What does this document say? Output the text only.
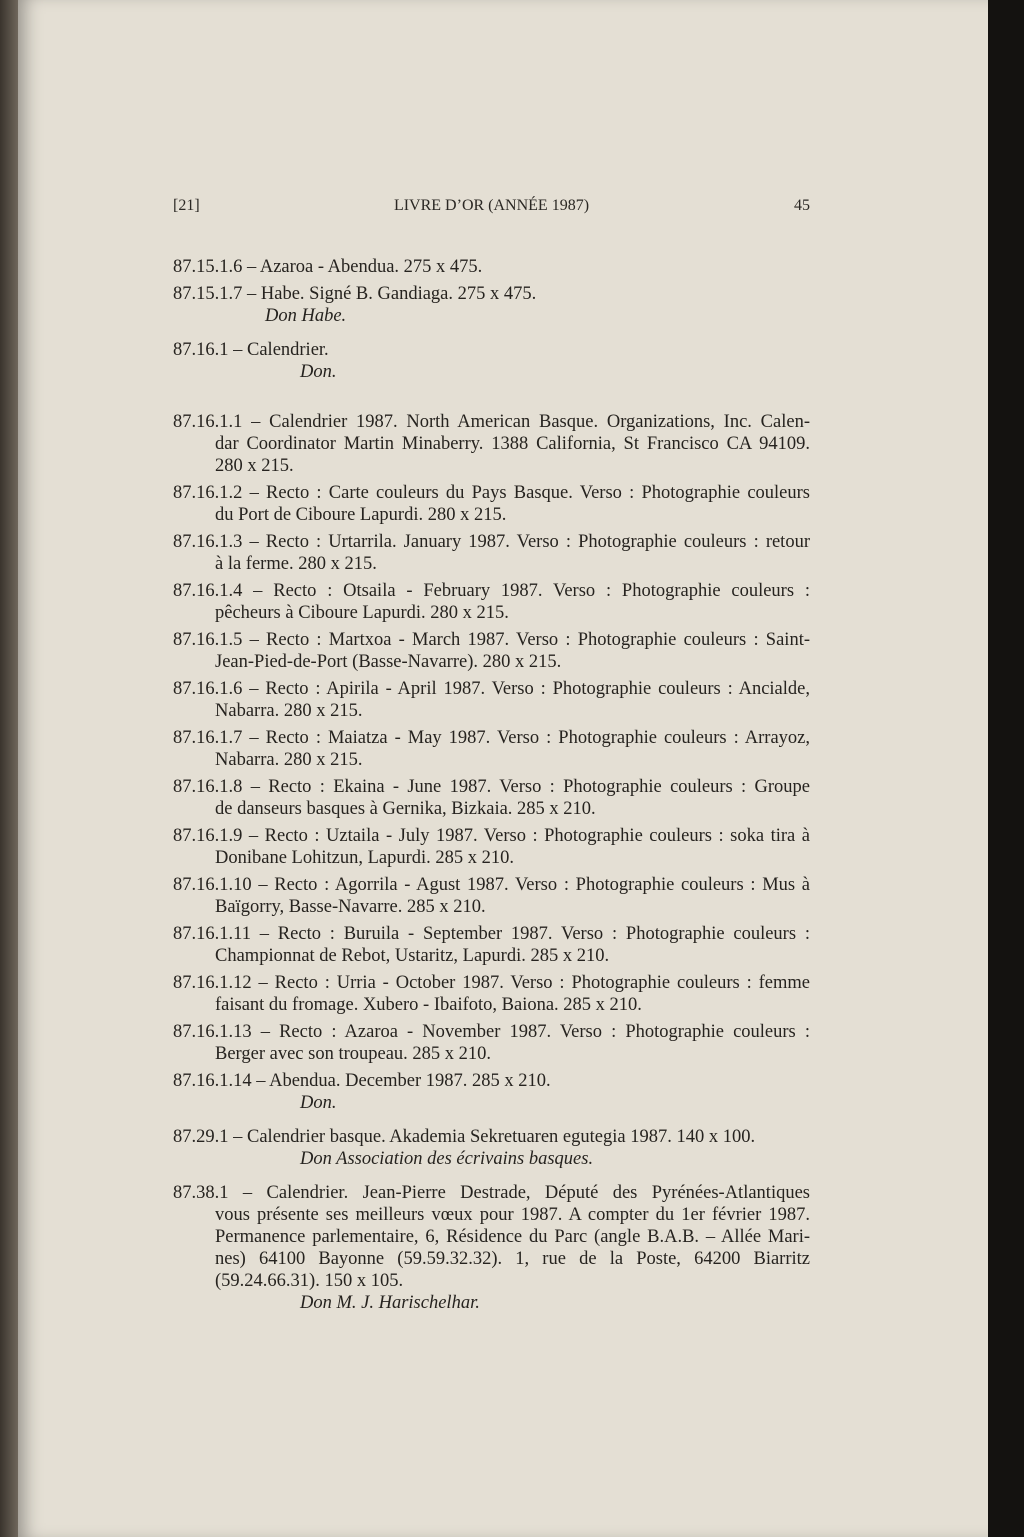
[21]	LIVRE D’OR (ANNÉE 1987)	45
87.15.1.6 – Azaroa - Abendua. 275 x 475.
87.15.1.7 – Habe. Signé B. Gandiaga. 275 x 475.
Don Habe.
87.16.1 – Calendrier.
Don.
87.16.1.1 – Calendrier 1987. North American Basque. Organizations, Inc. Calen-
dar Coordinator Martin Minaberry. 1388 California, St Francisco CA 94109.
280 x 215.
87.16.1.2 – Recto : Carte couleurs du Pays Basque. Verso : Photographie couleurs
du Port de Ciboure Lapurdi. 280 x 215.
87.16.1.3 – Recto : Urtarrila. January 1987. Verso : Photographie couleurs : retour
à la ferme. 280 x 215.
87.16.1.4 – Recto : Otsaila - February 1987. Verso : Photographie couleurs :
pêcheurs à Ciboure Lapurdi. 280 x 215.
87.16.1.5 – Recto : Martxoa - March 1987. Verso : Photographie couleurs : Saint-
Jean-Pied-de-Port (Basse-Navarre). 280 x 215.
87.16.1.6 – Recto : Apirila - April 1987. Verso : Photographie couleurs : Ancialde,
Nabarra. 280 x 215.
87.16.1.7 – Recto : Maiatza - May 1987. Verso : Photographie couleurs : Arrayoz,
Nabarra. 280 x 215.
87.16.1.8 – Recto : Ekaina - June 1987. Verso : Photographie couleurs : Groupe
de danseurs basques à Gernika, Bizkaia. 285 x 210.
87.16.1.9 – Recto : Uztaila - July 1987. Verso : Photographie couleurs : soka tira à
Donibane Lohitzun, Lapurdi. 285 x 210.
87.16.1.10 – Recto : Agorrila - Agust 1987. Verso : Photographie couleurs : Mus à
Baïgorry, Basse-Navarre. 285 x 210.
87.16.1.11 – Recto : Buruila - September 1987. Verso : Photographie couleurs :
Championnat de Rebot, Ustaritz, Lapurdi. 285 x 210.
87.16.1.12 – Recto : Urria - October 1987. Verso : Photographie couleurs : femme
faisant du fromage. Xubero - Ibaifoto, Baiona. 285 x 210.
87.16.1.13 – Recto : Azaroa - November 1987. Verso : Photographie couleurs :
Berger avec son troupeau. 285 x 210.
87.16.1.14 – Abendua. December 1987. 285 x 210.
Don.
87.29.1 – Calendrier basque. Akademia Sekretuaren egutegia 1987. 140 x 100.
Don Association des écrivains basques.
87.38.1 – Calendrier. Jean-Pierre Destrade, Député des Pyrénées-Atlantiques
vous présente ses meilleurs vœux pour 1987. A compter du 1er février 1987.
Permanence parlementaire, 6, Résidence du Parc (angle B.A.B. – Allée Mari-
nes) 64100 Bayonne (59.59.32.32). 1, rue de la Poste, 64200 Biarritz
(59.24.66.31). 150 x 105.
Don M. J. Harischelhar.
